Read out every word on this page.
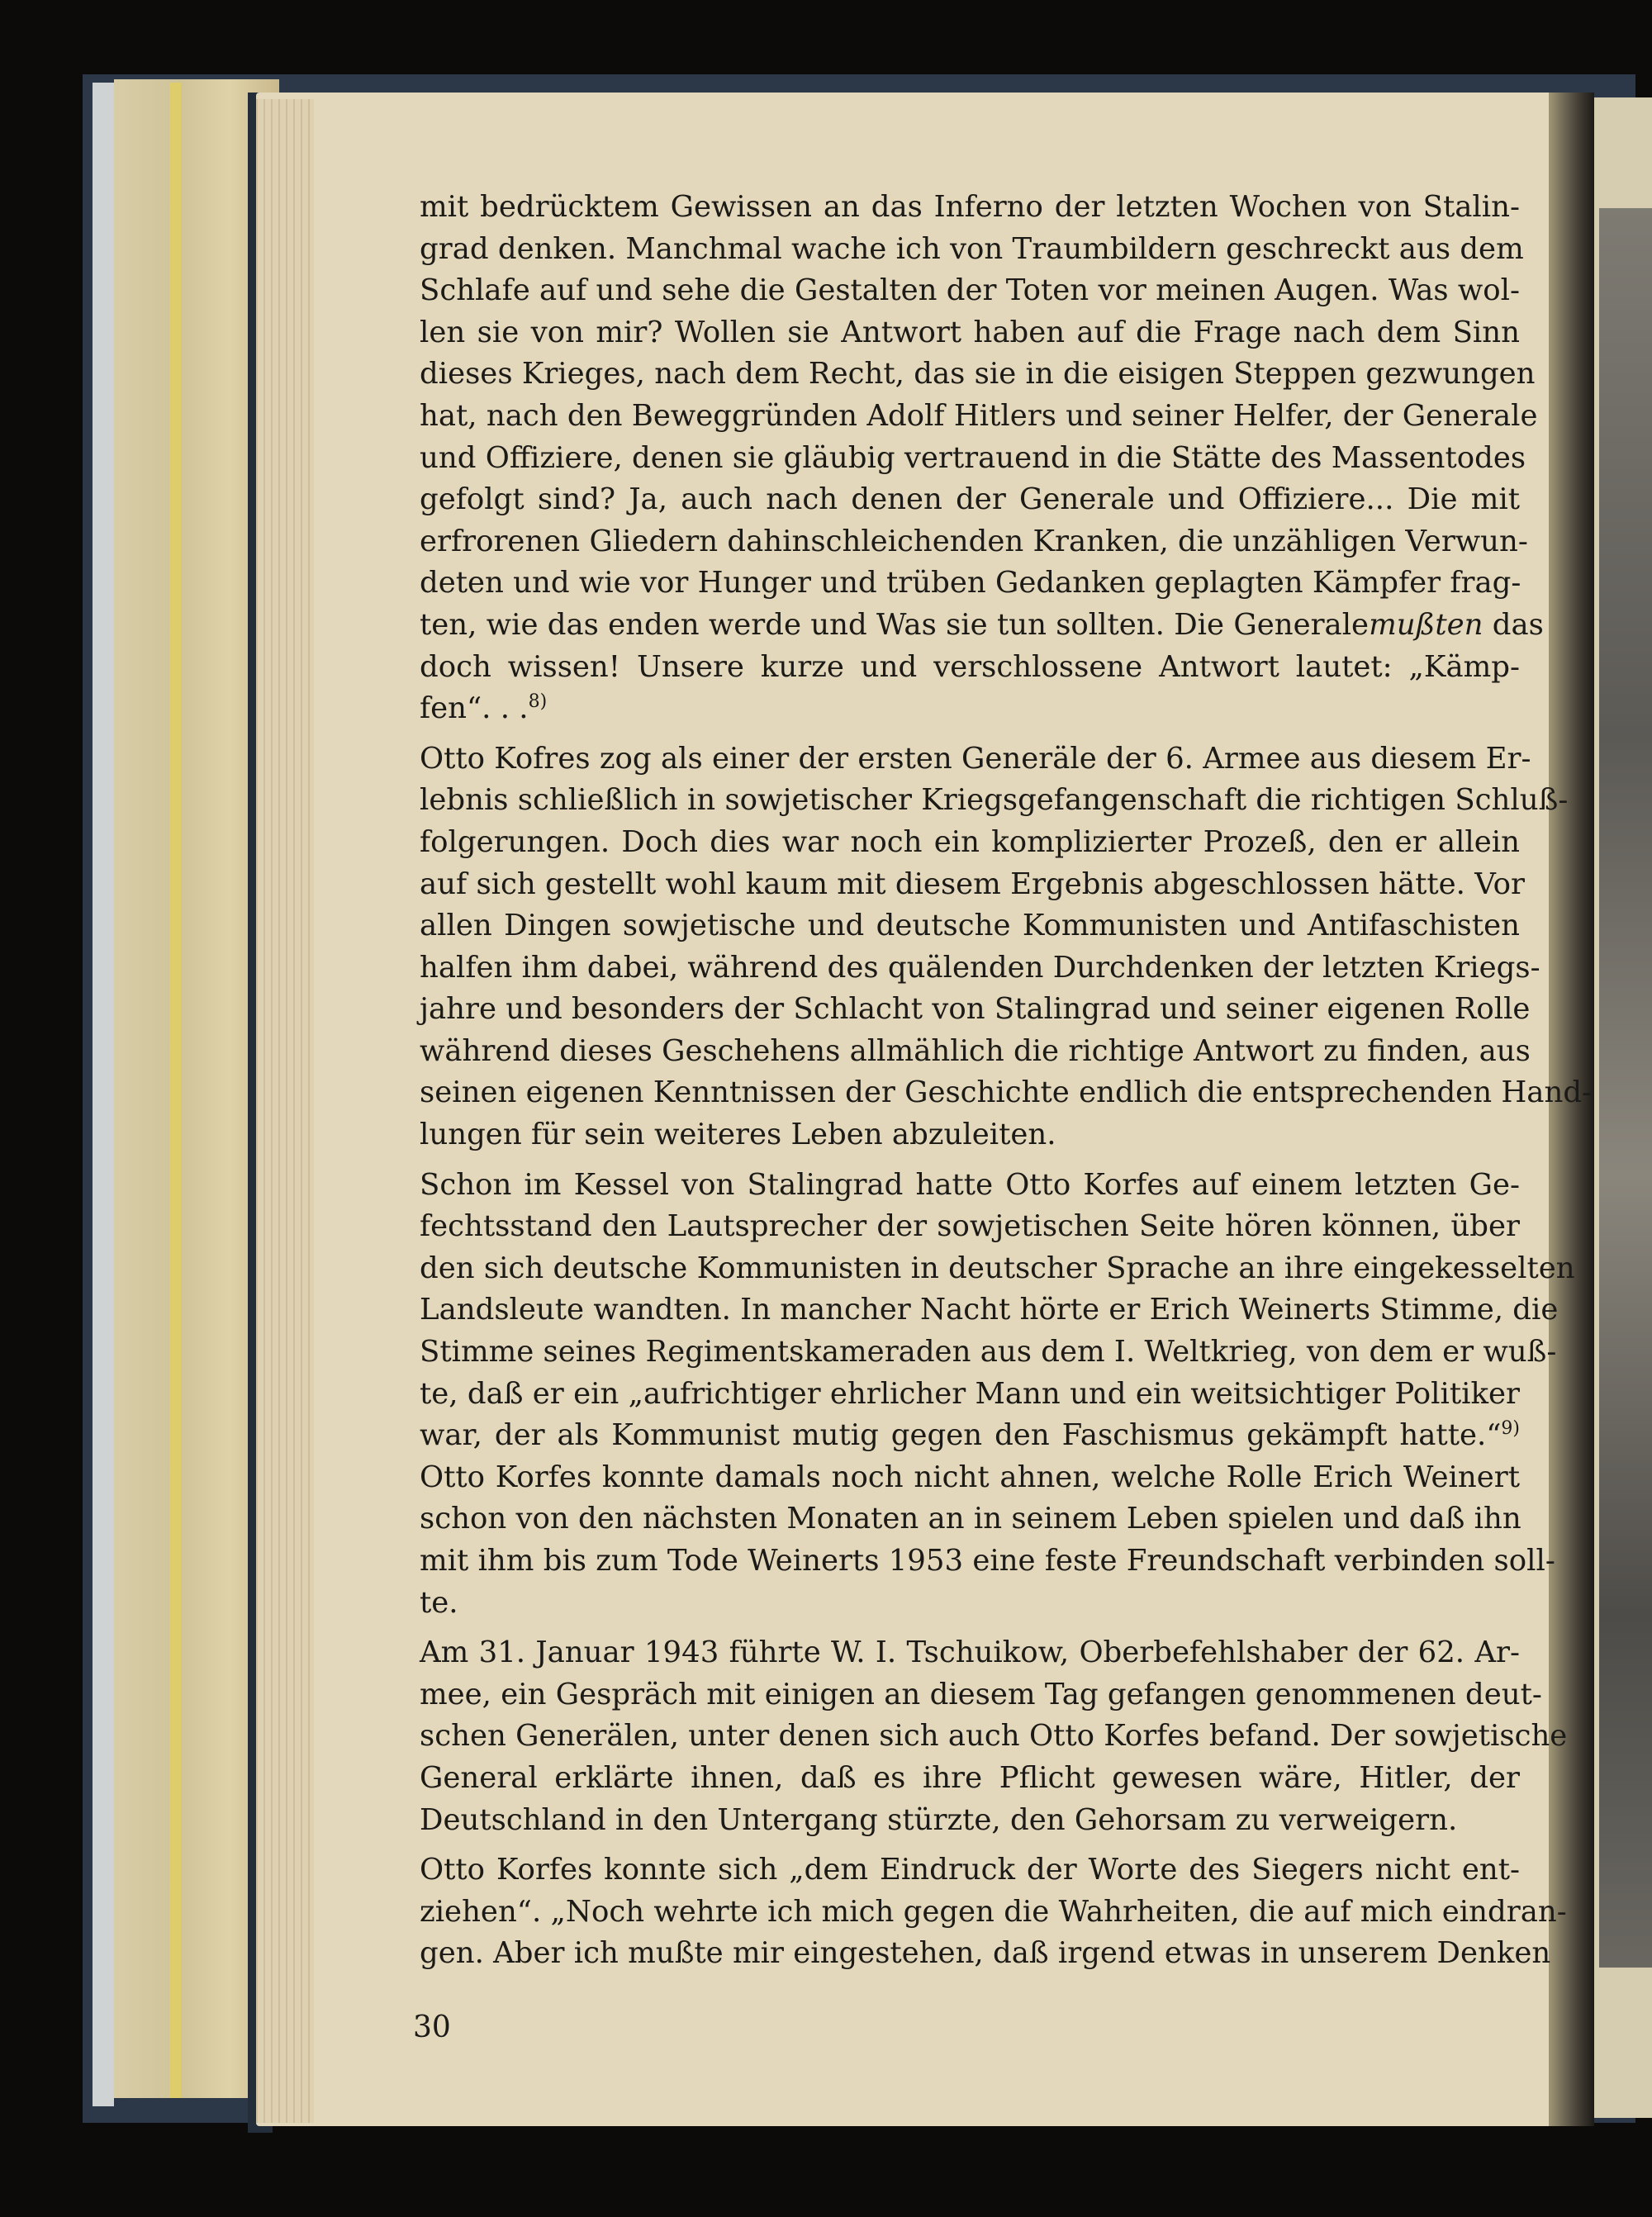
mit bedrücktem Gewissen an das Inferno der letzten Wochen von Stalin-
grad denken. Manchmal wache ich von Traumbildern geschreckt aus dem
Schlafe auf und sehe die Gestalten der Toten vor meinen Augen. Was wol-
len sie von mir? Wollen sie Antwort haben auf die Frage nach dem Sinn
dieses Krieges, nach dem Recht, das sie in die eisigen Steppen gezwungen
hat, nach den Beweggründen Adolf Hitlers und seiner Helfer, der Generale
und Offiziere, denen sie gläubig vertrauend in die Stätte des Massentodes
gefolgt sind? Ja, auch nach denen der Generale und Offiziere... Die mit
erfrorenen Gliedern dahinschleichenden Kranken, die unzähligen Verwun-
deten und wie vor Hunger und trüben Gedanken geplagten Kämpfer frag-
ten, wie das enden werde und Was sie tun sollten. Die Generalemußten das
doch wissen! Unsere kurze und verschlossene Antwort lautet: „Kämp-
fen“. . .$^{8)}$

Otto Kofres zog als einer der ersten Generäle der 6. Armee aus diesem Er-
lebnis schließlich in sowjetischer Kriegsgefangenschaft die richtigen Schluß-
folgerungen. Doch dies war noch ein komplizierter Prozeß, den er allein
auf sich gestellt wohl kaum mit diesem Ergebnis abgeschlossen hätte. Vor
allen Dingen sowjetische und deutsche Kommunisten und Antifaschisten
halfen ihm dabei, während des quälenden Durchdenken der letzten Kriegs-
jahre und besonders der Schlacht von Stalingrad und seiner eigenen Rolle
während dieses Geschehens allmählich die richtige Antwort zu finden, aus
seinen eigenen Kenntnissen der Geschichte endlich die entsprechenden Hand-
lungen für sein weiteres Leben abzuleiten.

Schon im Kessel von Stalingrad hatte Otto Korfes auf einem letzten Ge-
fechtsstand den Lautsprecher der sowjetischen Seite hören können, über
den sich deutsche Kommunisten in deutscher Sprache an ihre eingekesselten
Landsleute wandten. In mancher Nacht hörte er Erich Weinerts Stimme, die
Stimme seines Regimentskameraden aus dem I. Weltkrieg, von dem er wuß-
te, daß er ein „aufrichtiger ehrlicher Mann und ein weitsichtiger Politiker
war, der als Kommunist mutig gegen den Faschismus gekämpft hatte.“$^{9)}$
Otto Korfes konnte damals noch nicht ahnen, welche Rolle Erich Weinert
schon von den nächsten Monaten an in seinem Leben spielen und daß ihn
mit ihm bis zum Tode Weinerts 1953 eine feste Freundschaft verbinden soll-
te.

Am 31. Januar 1943 führte W. I. Tschuikow, Oberbefehlshaber der 62. Ar-
mee, ein Gespräch mit einigen an diesem Tag gefangen genommenen deut-
schen Generälen, unter denen sich auch Otto Korfes befand. Der sowjetische
General erklärte ihnen, daß es ihre Pflicht gewesen wäre, Hitler, der
Deutschland in den Untergang stürzte, den Gehorsam zu verweigern.

Otto Korfes konnte sich „dem Eindruck der Worte des Siegers nicht ent-
ziehen“. „Noch wehrte ich mich gegen die Wahrheiten, die auf mich eindran-
gen. Aber ich mußte mir eingestehen, daß irgend etwas in unserem Denken

30
